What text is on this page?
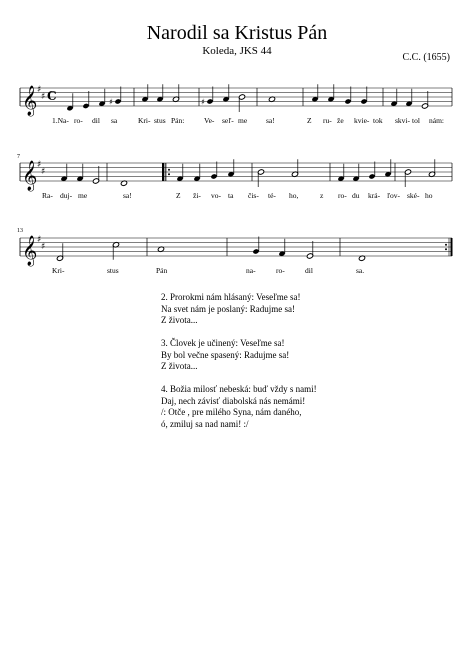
Narodil sa Kristus Pán
Koleda, JKS 44
C.C. (1655)
𝄞 ♯
♯ C
𝄞 ♯
♯
𝄞 ♯
♯
♯	♯
7
13
1.Na- ro- dil sa	Kri- stus Pán:	Ve- seľ- me	sa!	Z ru- že kvie- tok skvi- tol nám:
Ra- duj- me	sa!	Z ži- vo- ta čis- té- ho,	z ro- du krá- ľov- ské- ho
Kri-	stus	Pán	na-	ro-	dil	sa.
2. Prorokmi nám hlásaný: Veseľme sa!
Na svet nám je poslaný: Radujme sa!
Z života...
3. Človek je učinený: Veseľme sa!
By bol večne spasený: Radujme sa!
Z života...
4. Božia milosť nebeská: buď vždy s nami!
Daj, nech závisť diabolská nás nemámi!
/: Otče , pre milého Syna, nám daného,
ó, zmiluj sa nad nami! :/
